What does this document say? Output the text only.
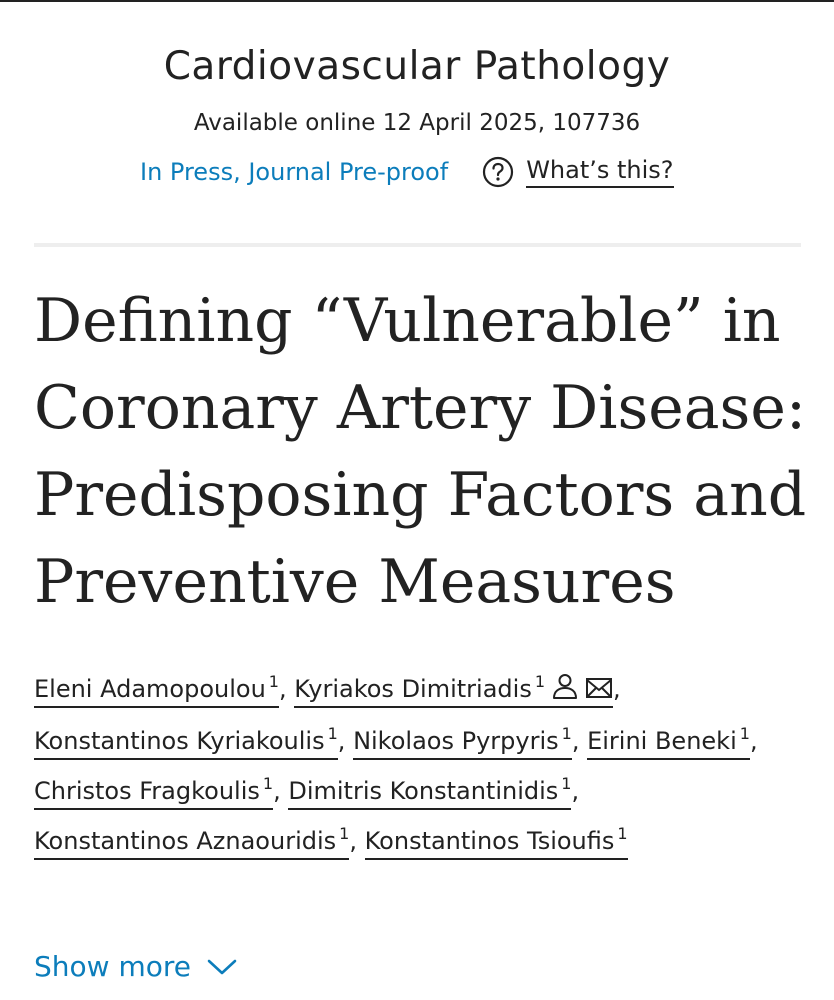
Cardiovascular Pathology
Available online 12 April 2025, 107736
In Press, Journal Pre-proof	What’s this?
Defining “Vulnerable” in Coronary Artery Disease: Predisposing Factors and Preventive Measures
Eleni Adamopoulou $^1$, Kyriakos Dimitriadis $^1$	, Konstantinos Kyriakoulis $^1$, Nikolaos Pyrpyris $^1$, Eirini Beneki $^1$, Christos Fragkoulis $^1$, Dimitris Konstantinidis $^1$, Konstantinos Aznaouridis $^1$, Konstantinos Tsioufis $^1$
Show more
